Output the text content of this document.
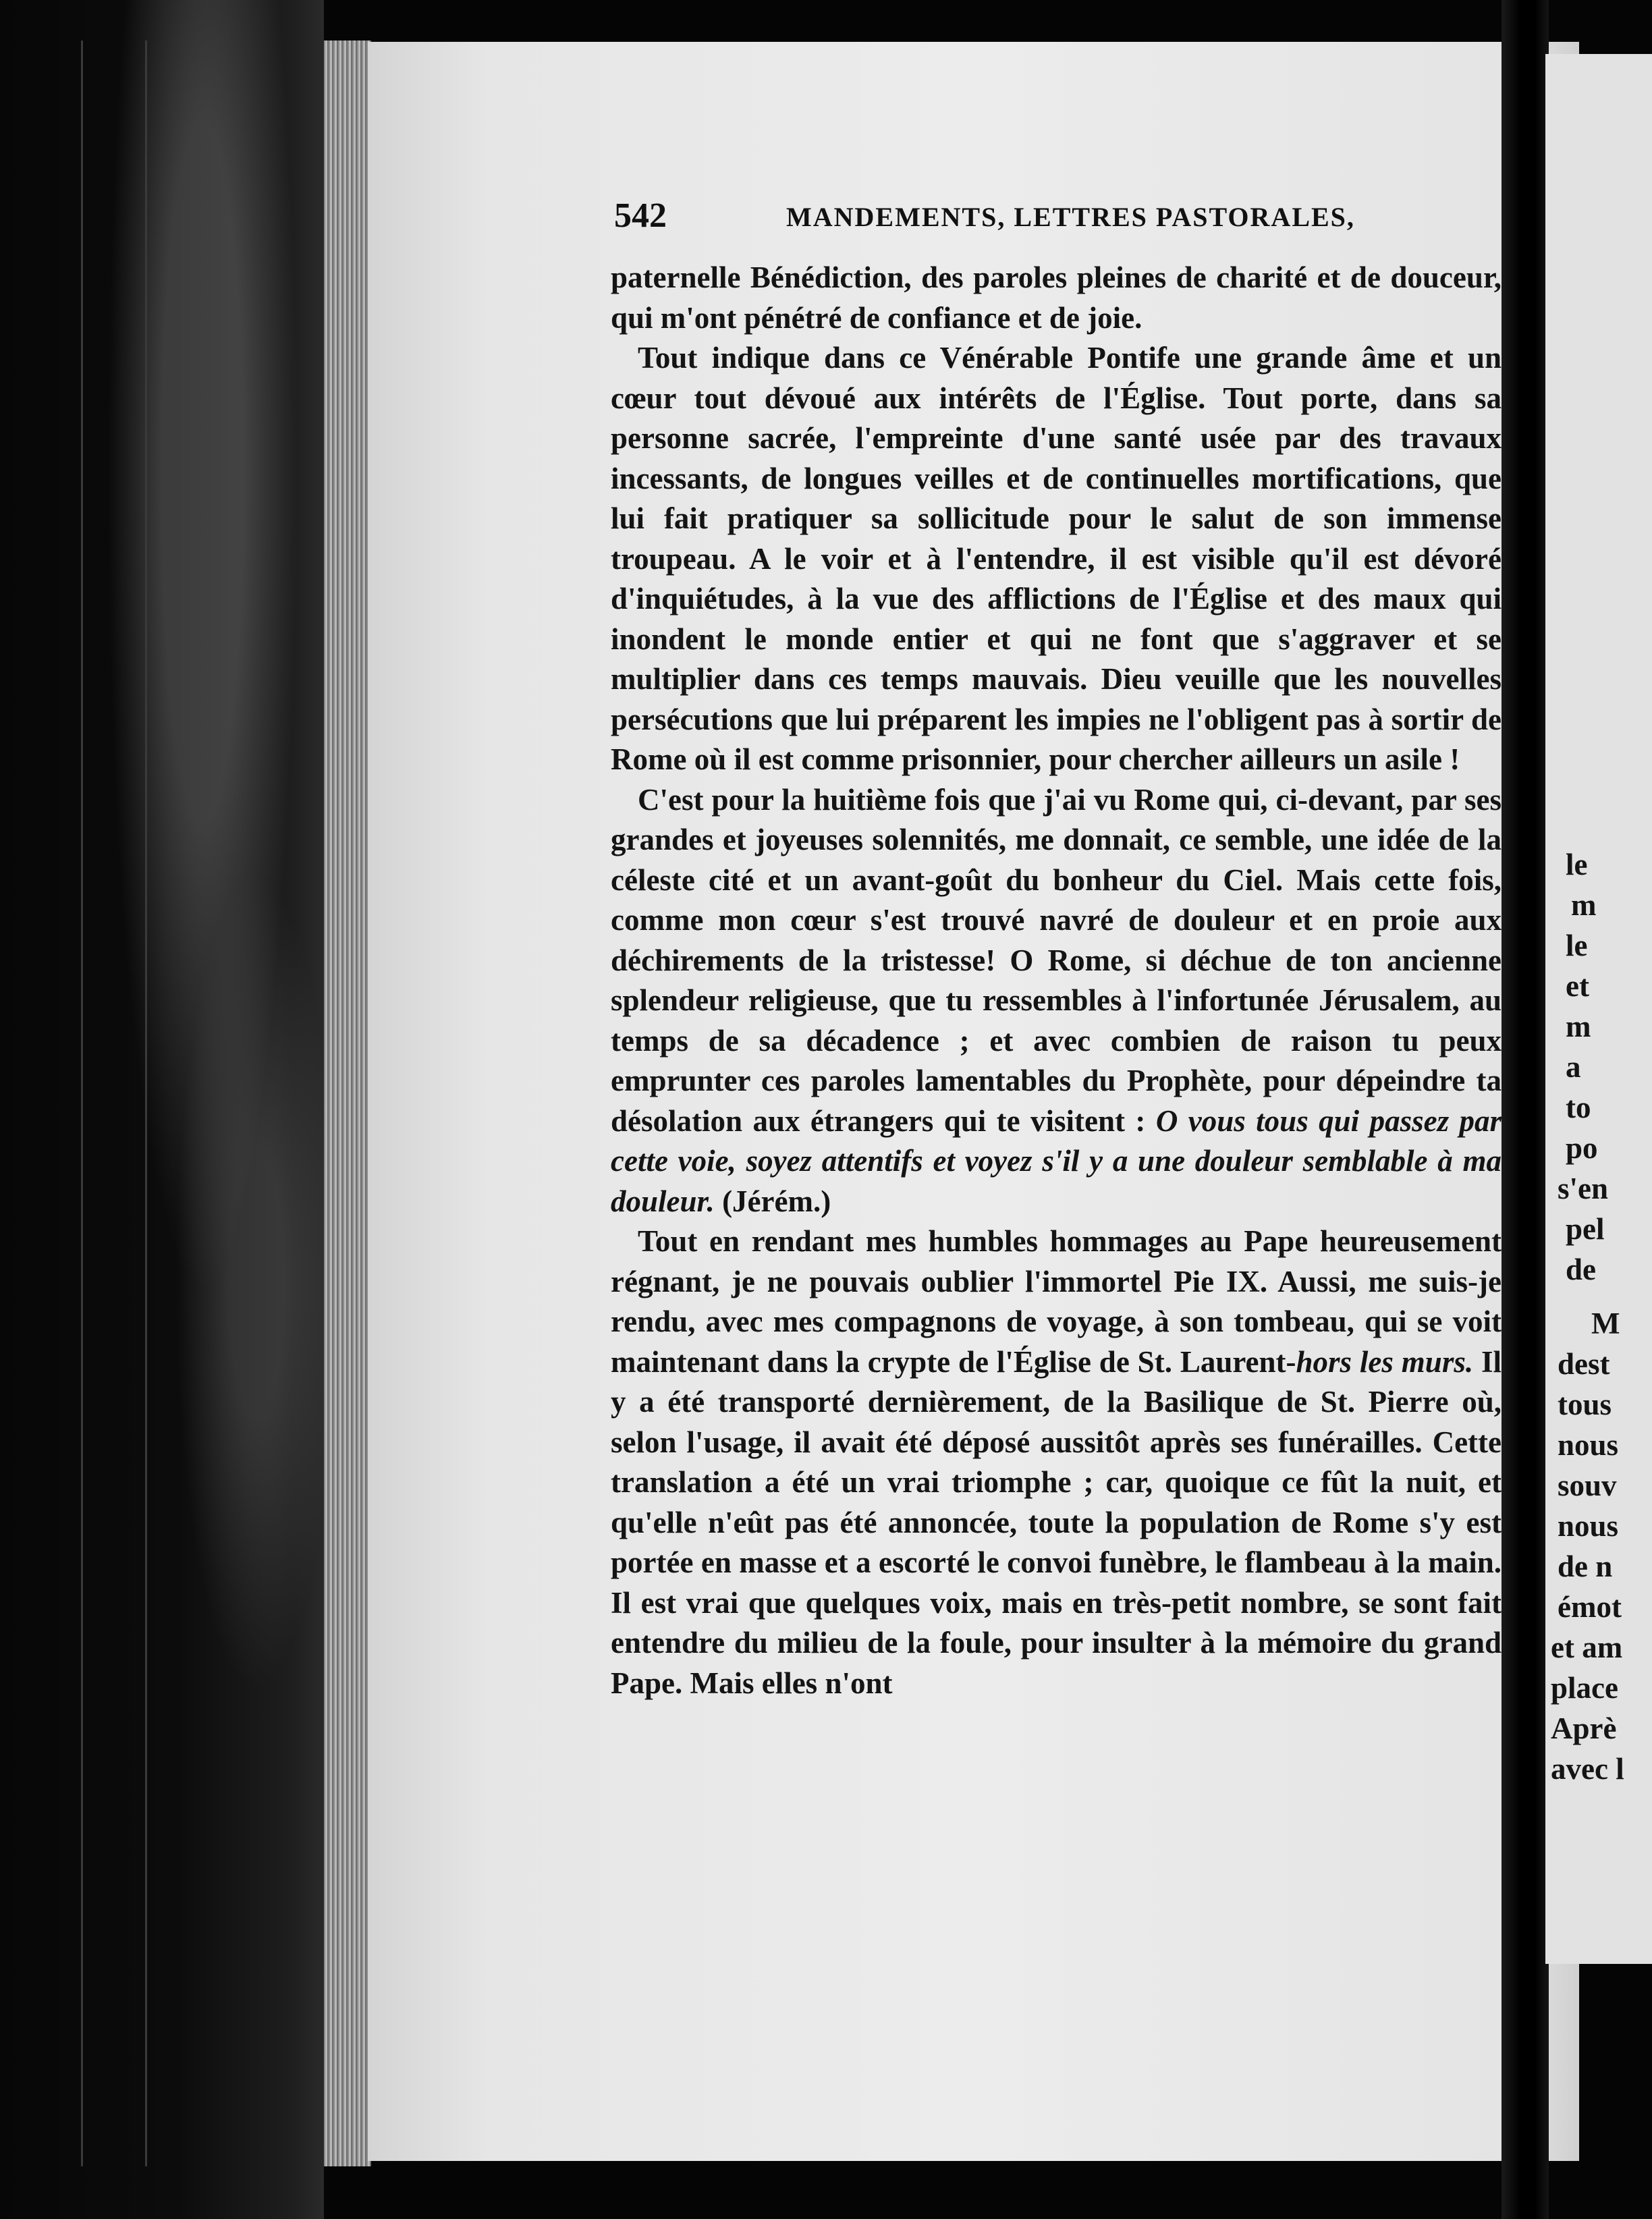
542	MANDEMENTS, LETTRES PASTORALES,

paternelle Bénédiction, des paroles pleines de charité et de douceur, qui m'ont pénétré de confiance et de joie.

Tout indique dans ce Vénérable Pontife une grande âme et un cœur tout dévoué aux intérêts de l'Église. Tout porte, dans sa personne sacrée, l'empreinte d'une santé usée par des travaux incessants, de longues veilles et de continuelles mortifications, que lui fait pratiquer sa sollicitude pour le salut de son immense troupeau. A le voir et à l'entendre, il est visible qu'il est dévoré d'inquiétudes, à la vue des afflictions de l'Église et des maux qui inondent le monde entier et qui ne font que s'aggraver et se multiplier dans ces temps mauvais. Dieu veuille que les nouvelles persécutions que lui préparent les impies ne l'obligent pas à sortir de Rome où il est comme prisonnier, pour chercher ailleurs un asile !

C'est pour la huitième fois que j'ai vu Rome qui, ci-devant, par ses grandes et joyeuses solennités, me donnait, ce semble, une idée de la céleste cité et un avant-goût du bonheur du Ciel. Mais cette fois, comme mon cœur s'est trouvé navré de douleur et en proie aux déchirements de la tristesse! O Rome, si déchue de ton ancienne splendeur religieuse, que tu ressembles à l'infortunée Jérusalem, au temps de sa décadence ; et avec combien de raison tu peux emprunter ces paroles lamentables du Prophète, pour dépeindre ta désolation aux étrangers qui te visitent : O vous tous qui passez par cette voie, soyez attentifs et voyez s'il y a une douleur semblable à ma douleur. (Jérém.)

Tout en rendant mes humbles hommages au Pape heureusement régnant, je ne pouvais oublier l'immortel Pie IX. Aussi, me suis-je rendu, avec mes compagnons de voyage, à son tombeau, qui se voit maintenant dans la crypte de l'Église de St. Laurent-hors les murs. Il y a été transporté dernièrement, de la Basilique de St. Pierre où, selon l'usage, il avait été déposé aussitôt après ses funérailles. Cette translation a été un vrai triomphe ; car, quoique ce fût la nuit, et qu'elle n'eût pas été annoncée, toute la population de Rome s'y est portée en masse et a escorté le convoi funèbre, le flambeau à la main. Il est vrai que quelques voix, mais en très-petit nombre, se sont fait entendre du milieu de la foule, pour insulter à la mémoire du grand Pape. Mais elles n'ont

le
m
le
et
m
a
to
po
s'en
pel
de
M
dest
tous
nous
souv
nous
de n
émot
et am
place
Aprè
avec l
